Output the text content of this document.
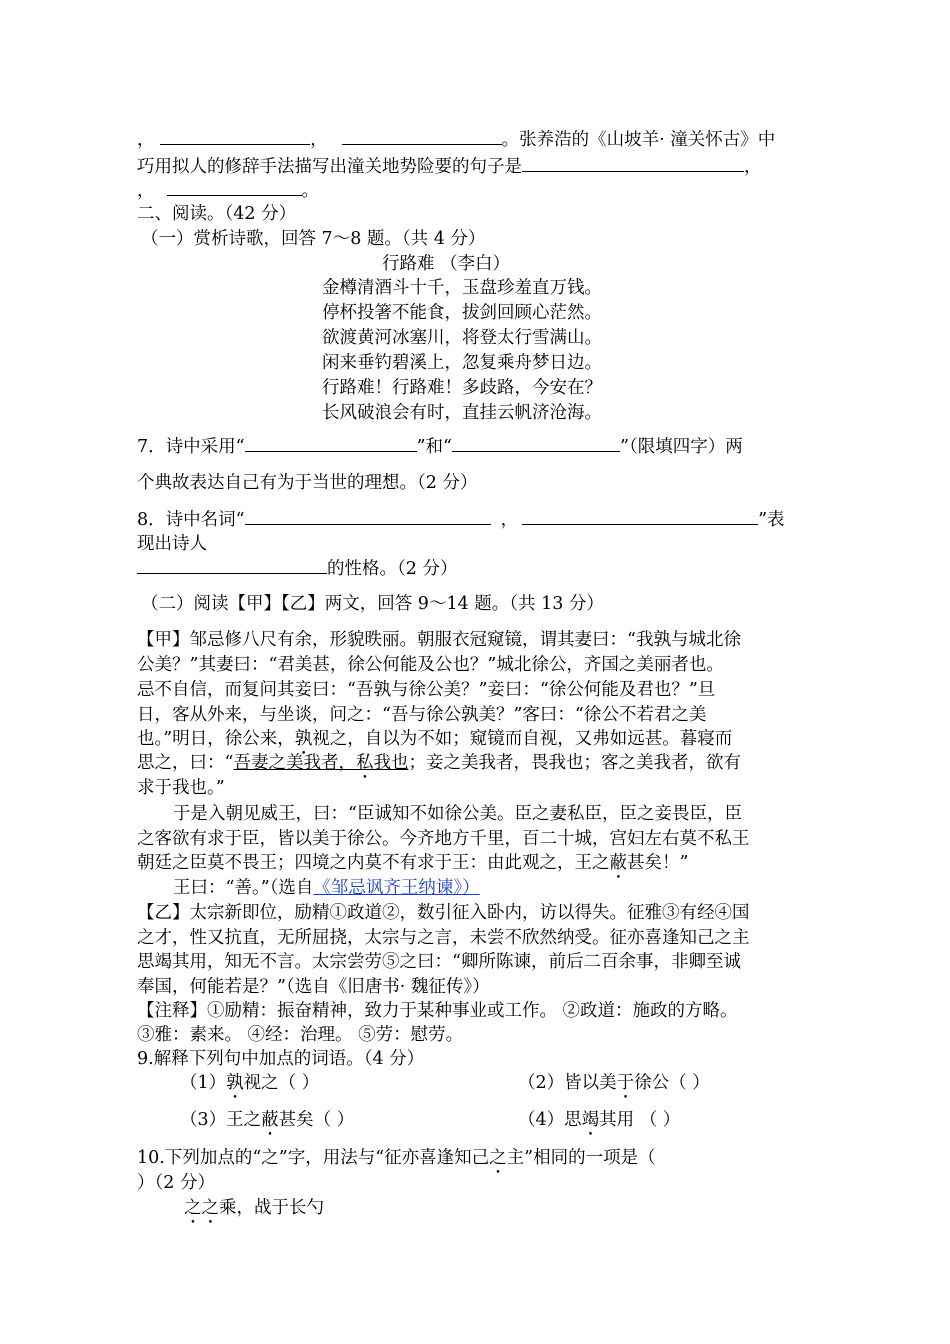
，	，	。张养浩的《山坡羊· 潼关怀古》中
巧用拟人的修辞手法描写出潼关地势险要的句子是	，
，	。
二、阅读。（42 分）
（一）赏析诗歌，回答 7～8 题。（共 4 分）
行路难 （李白）
金樽清酒斗十千，玉盘珍羞直万钱。
停杯投箸不能食，拔剑回顾心茫然。
欲渡黄河冰塞川，将登太行雪满山。
闲来垂钓碧溪上，忽复乘舟梦日边。
行路难！行路难！多歧路，今安在？
长风破浪会有时，直挂云帆济沧海。
7．诗中采用“	”和“	”（限填四字）两
个典故表达自己有为于当世的理想。（2 分）
8．诗中名词“	，	”表
现出诗人
的性格。（2 分）
（二）阅读【甲】【乙】两文，回答 9～14 题。（共 13 分）
【甲】邹忌修八尺有余，形貌昳丽。朝服衣冠窥镜，谓其妻曰：“我孰与城北徐
公美？”其妻曰：“君美甚，徐公何能及公也？”城北徐公，齐国之美丽者也。
忌不自信，而复问其妾曰：“吾孰与徐公美？”妾曰：“徐公何能及君也？”旦
日，客从外来，与坐谈，问之：“吾与徐公孰美？”客曰：“徐公不若君之美
也。”明日，徐公来，孰视之，自以为不如；窥镜而自视，又弗如远甚。暮寝而
思之，曰：“吾妻之美我者，私我也；妾之美我者，畏我也；客之美我者，欲有
求于我也。”
于是入朝见威王，曰：“臣诚知不如徐公美。臣之妻私臣，臣之妾畏臣，臣
之客欲有求于臣，皆以美于徐公。今齐地方千里，百二十城，宫妇左右莫不私王
朝廷之臣莫不畏王；四境之内莫不有求于王：由此观之，王之蔽甚矣！”
王曰：“善。”（选自《邹忌讽齐王纳谏》）
【乙】太宗新即位，励精①政道②，数引征入卧内，访以得失。征雅③有经④国
之才，性又抗直，无所屈挠，太宗与之言，未尝不欣然纳受。征亦喜逢知己之主
思竭其用，知无不言。太宗尝劳⑤之曰：“卿所陈谏，前后二百余事，非卿至诚
奉国，何能若是？”（选自《旧唐书· 魏征传》）
【注释】①励精：振奋精神，致力于某种事业或工作。 ②政道：施政的方略。
③雅：素来。 ④经：治理。 ⑤劳：慰劳。
9.解释下列句中加点的词语。（4 分）
（1）孰视之（ ）	（2）皆以美于徐公（ ）
（3）王之蔽甚矣（ ）	（4）思竭其用 （ ）
10.下列加点的“之”字，用法与“征亦喜逢知己之主”相同的一项是（
）（2 分）
之之乘，战于长勺
